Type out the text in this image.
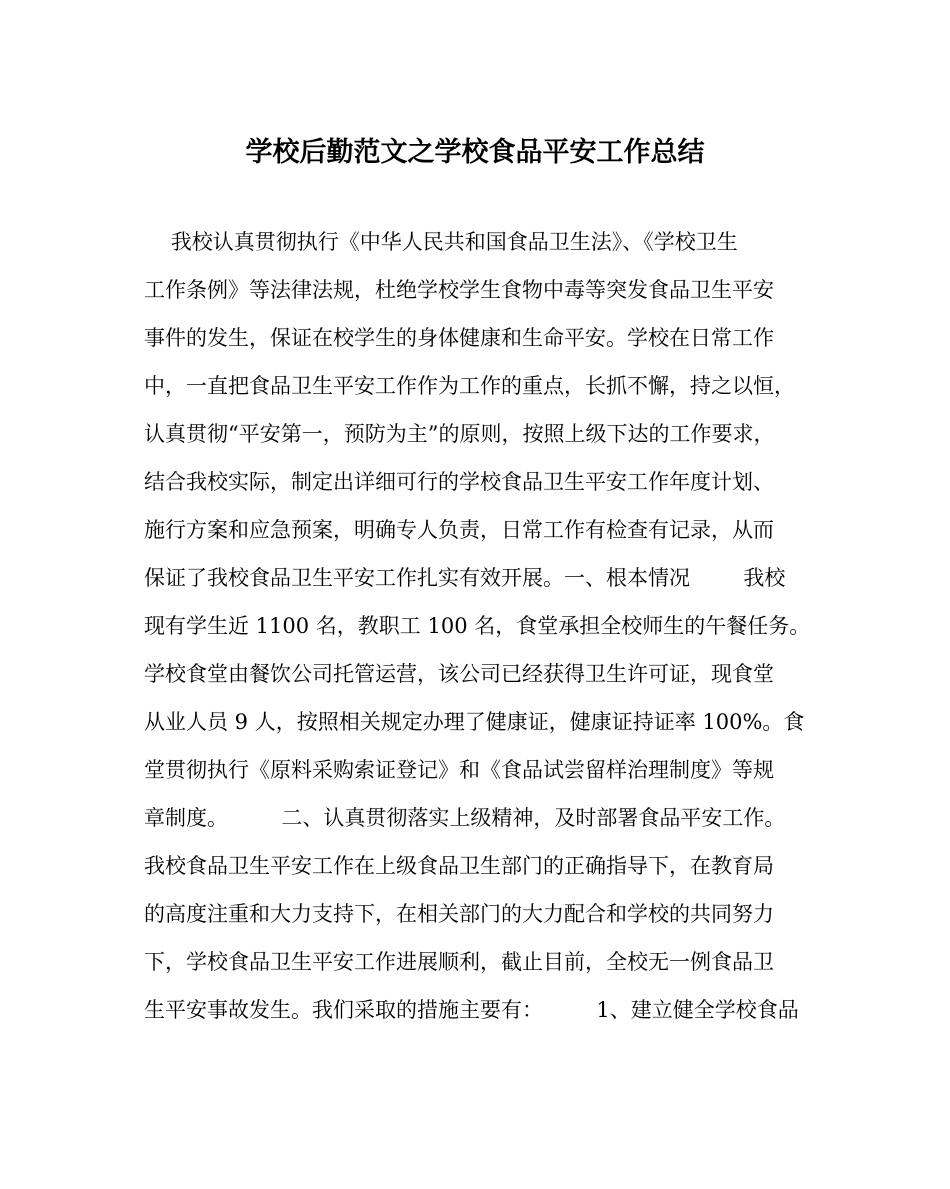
学校后勤范文之学校食品平安工作总结
我校认真贯彻执行《中华人民共和国食品卫生法》、《学校卫生
工作条例》等法律法规，杜绝学校学生食物中毒等突发食品卫生平安
事件的发生，保证在校学生的身体健康和生命平安。学校在日常工作
中，一直把食品卫生平安工作作为工作的重点，长抓不懈，持之以恒，
认真贯彻“平安第一，预防为主”的原则，按照上级下达的工作要求，
结合我校实际，制定出详细可行的学校食品卫生平安工作年度计划、
施行方案和应急预案，明确专人负责，日常工作有检查有记录，从而
保证了我校食品卫生平安工作扎实有效开展。一、根本情况        我校
现有学生近 1100 名，教职工 100 名，食堂承担全校师生的午餐任务。
学校食堂由餐饮公司托管运营，该公司已经获得卫生许可证，现食堂
从业人员 9 人，按照相关规定办理了健康证，健康证持证率 100%。食
堂贯彻执行《原料采购索证登记》和《食品试尝留样治理制度》等规
章制度。        二、认真贯彻落实上级精神，及时部署食品平安工作。
我校食品卫生平安工作在上级食品卫生部门的正确指导下，在教育局
的高度注重和大力支持下，在相关部门的大力配合和学校的共同努力
下，学校食品卫生平安工作进展顺利，截止目前，全校无一例食品卫
生平安事故发生。我们采取的措施主要有：        1、建立健全学校食品
